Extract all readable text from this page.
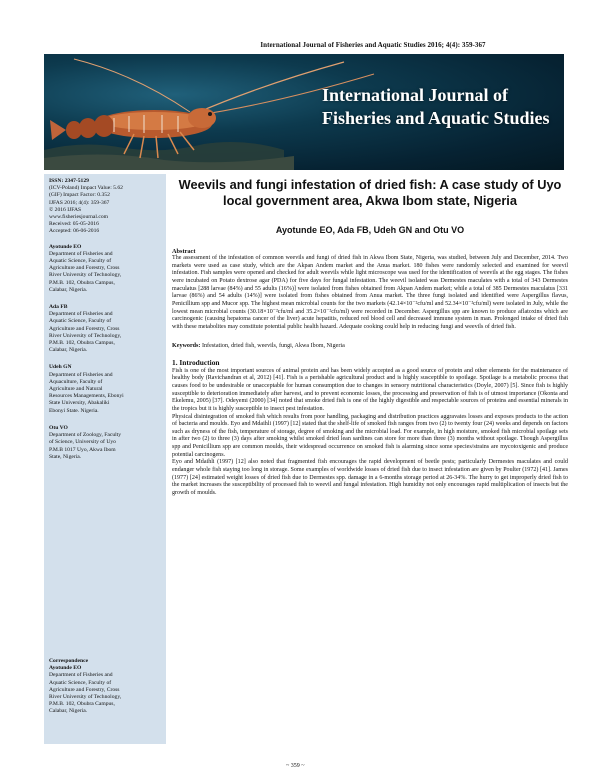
International Journal of Fisheries and Aquatic Studies 2016; 4(4): 359-367
International Journal of
Fisheries and Aquatic Studies

ISSN: 2347-5129

(ICV-Poland) Impact Value: 5.62

(GIF) Impact Factor: 0.352

IJFAS 2016; 4(4): 359-367

© 2016 IJFAS

www.fisheriesjournal.com

Received: 05-05-2016

Accepted: 06-06-2016

Ayotunde EO

Department of Fisheries and

Aquatic Science, Faculty of

Agriculture and Forestry, Cross

River University of Technology,

P.M.B. 102, Obubra Campus,

Calabar, Nigeria.

Ada FB

Department of Fisheries and

Aquatic Science, Faculty of

Agriculture and Forestry, Cross

River University of Technology,

P.M.B. 102, Obubra Campus,

Calabar, Nigeria.

Udeh GN

Department of Fisheries and

Aquaculture, Faculty of

Agriculture and Natural

Resources Managements, Ebonyi

State University, Abakaliki

Ebonyi State. Nigeria.

Otu VO

Department of Zoology, Faculty

of Science, University of Uyo

P.M.B 1017 Uyo, Akwa Ibom

State, Nigeria.

Correspondence

Ayotunde EO

Department of Fisheries and

Aquatic Science, Faculty of

Agriculture and Forestry, Cross

River University of Technology,

P.M.B. 102, Obubra Campus,

Calabar, Nigeria.

Weevils and fungi infestation of dried fish: A case study of Uyo local government area, Akwa Ibom state, Nigeria
Ayotunde EO, Ada FB, Udeh GN and Otu VO
Abstract

The assessment of the infestation of common weevils and fungi of dried fish in Akwa Ibom State, Nigeria, was studied, between July and December, 2014. Two markets were used as case study, which are the Akpan Andem market and the Anua market. 180 fishes were randomly selected and examined for weevil infestation. Fish samples were opened and checked for adult weevils while light microscope was used for the identification of weevils at the egg stages. The fishes were incubated on Potato dextrose agar (PDA) for five days for fungal infestation. The weevil isolated was Dermestes maculates with a total of 343 Dermestes maculatus [288 larvae (84%) and 55 adults (16%)] were isolated from fishes obtained from Akpan Andem market; while a total of 385 Dermestes maculatus [331 larvae (86%) and 54 adults (14%)] were isolated from fishes obtained from Anua market. The three fungi isolated and identified were Aspergillus flavus, Penicillium spp and Mucor spp. The highest mean microbial counts for the two markets (42.14×10⁻²cfu/ml and 52.34×10⁻²cfu/ml) were isolated in July, while the lowest mean microbial counts (30.18×10⁻²cfu/ml and 35.2×10⁻²cfu/ml) were recorded in December. Aspergillus spp are known to produce aflatoxins which are carcinogenic (causing hepatoma cancer of the liver) acute hepatitis, reduced red blood cell and decreased immune system in man. Prolonged intake of dried fish with these metabolites may constitute potential public health hazard. Adequate cooking could help in reducing fungi and weevils of dried fish.

Keywords: Infestation, dried fish, weevils, fungi, Akwa Ibom, Nigeria

1. Introduction

Fish is one of the most important sources of animal protein and has been widely accepted as a good source of protein and other elements for the maintenance of healthy body (Ravichandran et al, 2012) [41]. Fish is a perishable agricultural product and is highly susceptible to spoilage. Spoilage is a metabolic process that causes food to be undesirable or unacceptable for human consumption due to changes in sensory nutritional characteristics (Doyle, 2007) [5]. Since fish is highly susceptible to deterioration immediately after harvest, and to prevent economic losses, the processing and preservation of fish is of utmost importance (Okonta and Ekelemu, 2005) [37]. Odeyemi (2000) [34] noted that smoke dried fish is one of the highly digestible and respectable sources of proteins and essential minerals in the tropics but it is highly susceptible to insect pest infestation.

Physical disintegration of smoked fish which results from poor handling, packaging and distribution practices aggravates losses and exposes products to the action of bacteria and moulds. Eyo and Mdaihli (1997) [12] stated that the shelf-life of smoked fish ranges from two (2) to twenty four (24) weeks and depends on factors such as dryness of the fish, temperature of storage, degree of smoking and the microbial load. For example, in high moisture, smoked fish microbial spoilage sets in after two (2) to three (3) days after smoking whilst smoked dried lean sardines can store for more than three (3) months without spoilage. Though Aspergillus spp and Penicillium spp are common moulds, their widespread occurrence on smoked fish is alarming since some species/strains are mycotoxigenic and produce potential carcinogens.

Eyo and Mdaihli (1997) [12] also noted that fragmented fish encourages the rapid development of beetle pests; particularly Dermestes maculates and could endanger whole fish staying too long in storage. Some examples of worldwide losses of dried fish due to insect infestation are given by Poulter (1972) [41]. James (1977) [24] estimated weight losses of dried fish due to Dermestes spp. damage in a 6-months storage period at 26-34%. The hurry to get improperly dried fish to the market increases the susceptibility of processed fish to weevil and fungal infestation. High humidity not only encourages rapid multiplication of insects but the growth of moulds.

~ 359 ~
